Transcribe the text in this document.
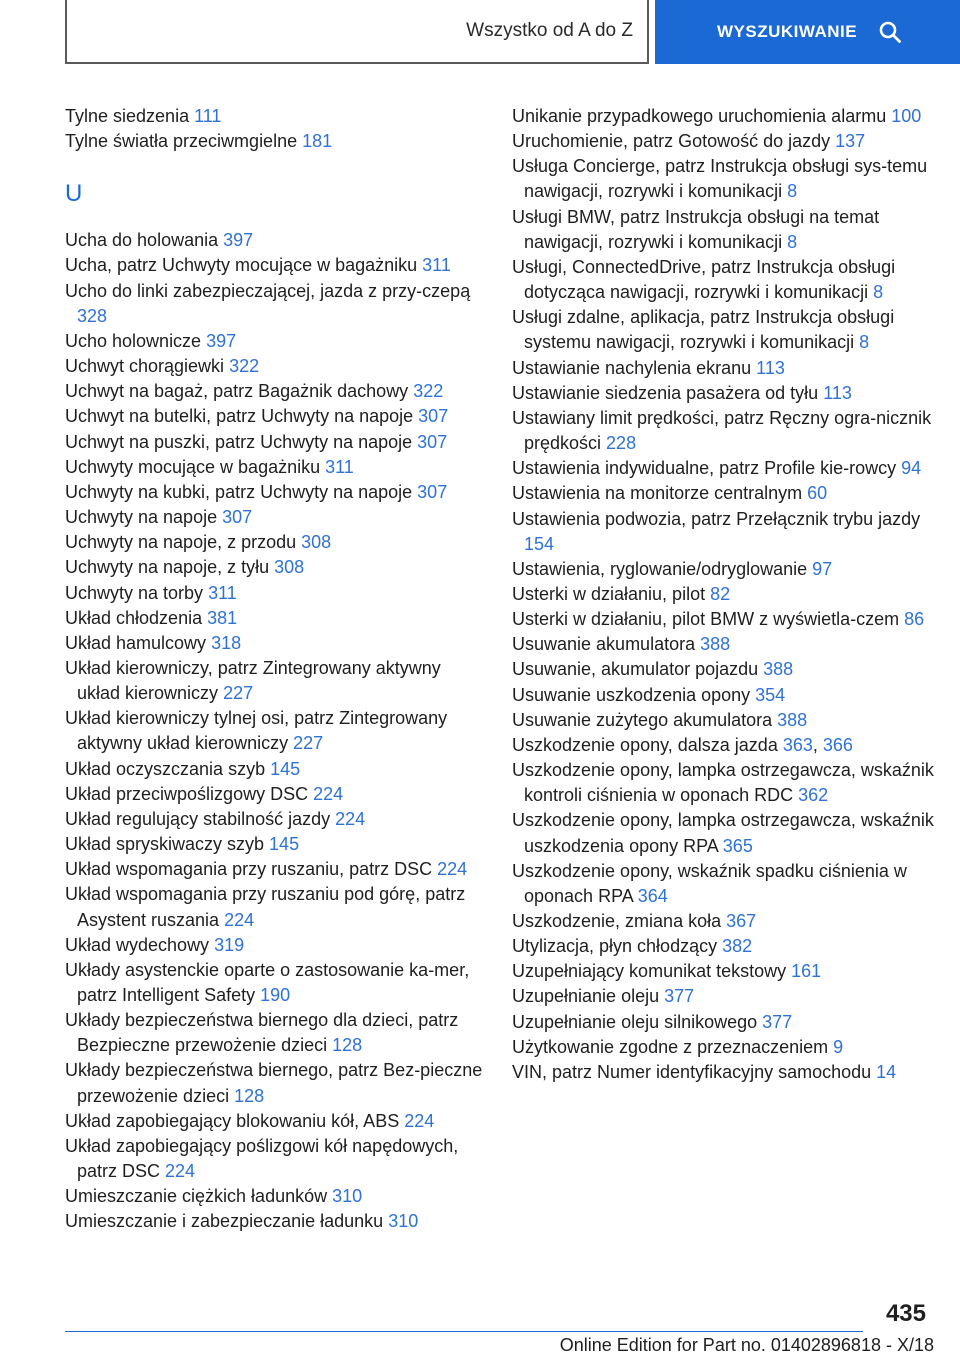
Wszystko od A do Z	WYSZUKIWANIE
Tylne siedzenia 111
Tylne światła przeciwmgielne 181
U
Ucha do holowania 397
Ucha, patrz Uchwyty mocujące w bagażniku 311
Ucho do linki zabezpieczającej, jazda z przy-czepą 328
Ucho holownicze 397
Uchwyt chorągiewki 322
Uchwyt na bagaż, patrz Bagażnik dachowy 322
Uchwyt na butelki, patrz Uchwyty na napoje 307
Uchwyt na puszki, patrz Uchwyty na napoje 307
Uchwyty mocujące w bagażniku 311
Uchwyty na kubki, patrz Uchwyty na napoje 307
Uchwyty na napoje 307
Uchwyty na napoje, z przodu 308
Uchwyty na napoje, z tyłu 308
Uchwyty na torby 311
Układ chłodzenia 381
Układ hamulcowy 318
Układ kierowniczy, patrz Zintegrowany aktywny układ kierowniczy 227
Układ kierowniczy tylnej osi, patrz Zintegrowany aktywny układ kierowniczy 227
Układ oczyszczania szyb 145
Układ przeciwpoślizgowy DSC 224
Układ regulujący stabilność jazdy 224
Układ spryskiwaczy szyb 145
Układ wspomagania przy ruszaniu, patrz DSC 224
Układ wspomagania przy ruszaniu pod górę, patrz Asystent ruszania 224
Układ wydechowy 319
Układy asystenckie oparte o zastosowanie ka-mer, patrz Intelligent Safety 190
Układy bezpieczeństwa biernego dla dzieci, patrz Bezpieczne przewożenie dzieci 128
Układy bezpieczeństwa biernego, patrz Bez-pieczne przewożenie dzieci 128
Układ zapobiegający blokowaniu kół, ABS 224
Układ zapobiegający poślizgowi kół napędowych, patrz DSC 224
Umieszczanie ciężkich ładunków 310
Umieszczanie i zabezpieczanie ładunku 310
Unikanie przypadkowego uruchomienia alarmu 100
Uruchomienie, patrz Gotowość do jazdy 137
Usługa Concierge, patrz Instrukcja obsługi sys-temu nawigacji, rozrywki i komunikacji 8
Usługi BMW, patrz Instrukcja obsługi na temat nawigacji, rozrywki i komunikacji 8
Usługi, ConnectedDrive, patrz Instrukcja obsługi dotycząca nawigacji, rozrywki i komunikacji 8
Usługi zdalne, aplikacja, patrz Instrukcja obsługi systemu nawigacji, rozrywki i komunikacji 8
Ustawianie nachylenia ekranu 113
Ustawianie siedzenia pasażera od tyłu 113
Ustawiany limit prędkości, patrz Ręczny ogra-nicznik prędkości 228
Ustawienia indywidualne, patrz Profile kie-rowcy 94
Ustawienia na monitorze centralnym 60
Ustawienia podwozia, patrz Przełącznik trybu jazdy 154
Ustawienia, ryglowanie/odryglowanie 97
Usterki w działaniu, pilot 82
Usterki w działaniu, pilot BMW z wyświetla-czem 86
Usuwanie akumulatora 388
Usuwanie, akumulator pojazdu 388
Usuwanie uszkodzenia opony 354
Usuwanie zużytego akumulatora 388
Uszkodzenie opony, dalsza jazda 363, 366
Uszkodzenie opony, lampka ostrzegawcza, wskaźnik kontroli ciśnienia w oponach RDC 362
Uszkodzenie opony, lampka ostrzegawcza, wskaźnik uszkodzenia opony RPA 365
Uszkodzenie opony, wskaźnik spadku ciśnienia w oponach RPA 364
Uszkodzenie, zmiana koła 367
Utylizacja, płyn chłodzący 382
Uzupełniający komunikat tekstowy 161
Uzupełnianie oleju 377
Uzupełnianie oleju silnikowego 377
Użytkowanie zgodne z przeznaczeniem 9
VIN, patrz Numer identyfikacyjny samochodu 14
435
Online Edition for Part no. 01402896818 - X/18
